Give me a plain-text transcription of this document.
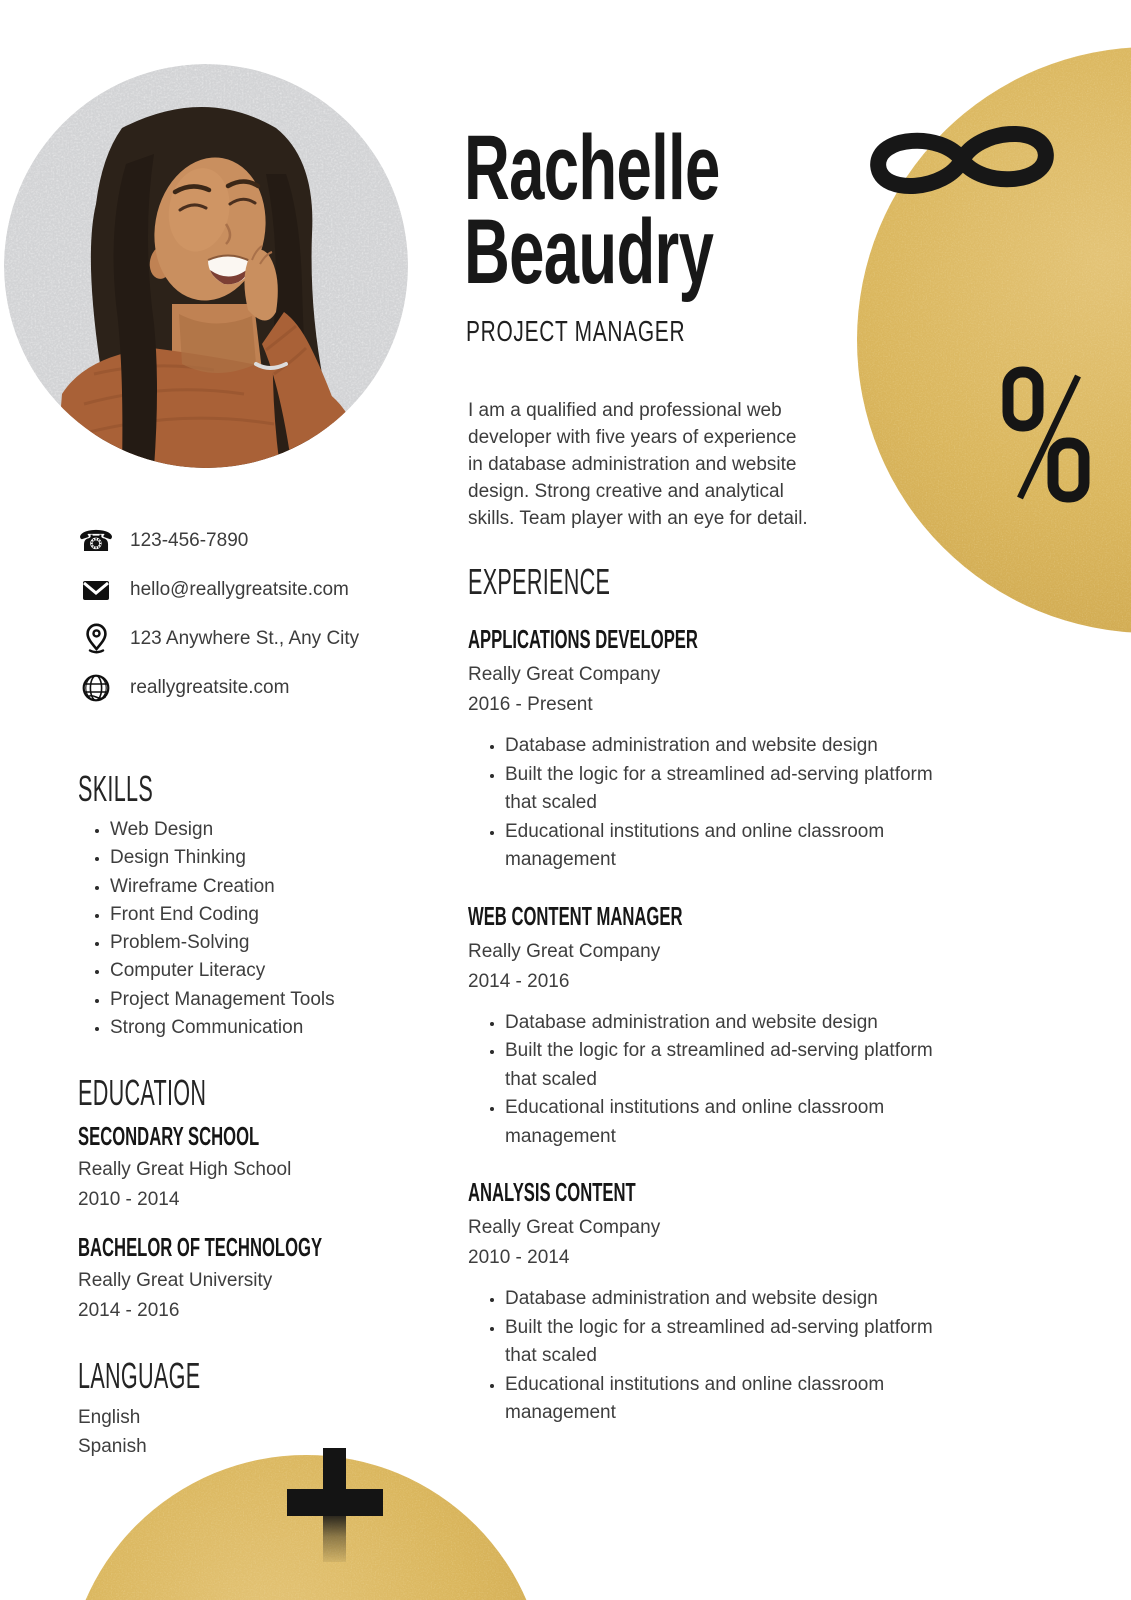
Rachelle
Beaudry
PROJECT MANAGER
I am a qualified and professional web developer with five years of experience in database administration and website design. Strong creative and analytical skills. Team player with an eye for detail.
☎ 123-456-7890
hello@reallygreatsite.com
123 Anywhere St., Any City
reallygreatsite.com
SKILLS
• Web Design
• Design Thinking
• Wireframe Creation
• Front End Coding
• Problem-Solving
• Computer Literacy
• Project Management Tools
• Strong Communication
EDUCATION
SECONDARY SCHOOL
Really Great High School
2010 - 2014
BACHELOR OF TECHNOLOGY
Really Great University
2014 - 2016
LANGUAGE
English
Spanish
EXPERIENCE
APPLICATIONS DEVELOPER
Really Great Company
2016 - Present
• Database administration and website design
• Built the logic for a streamlined ad-serving platform that scaled
• Educational institutions and online classroom management
WEB CONTENT MANAGER
Really Great Company
2014 - 2016
• Database administration and website design
• Built the logic for a streamlined ad-serving platform that scaled
• Educational institutions and online classroom management
ANALYSIS CONTENT
Really Great Company
2010 - 2014
• Database administration and website design
• Built the logic for a streamlined ad-serving platform that scaled
• Educational institutions and online classroom management
